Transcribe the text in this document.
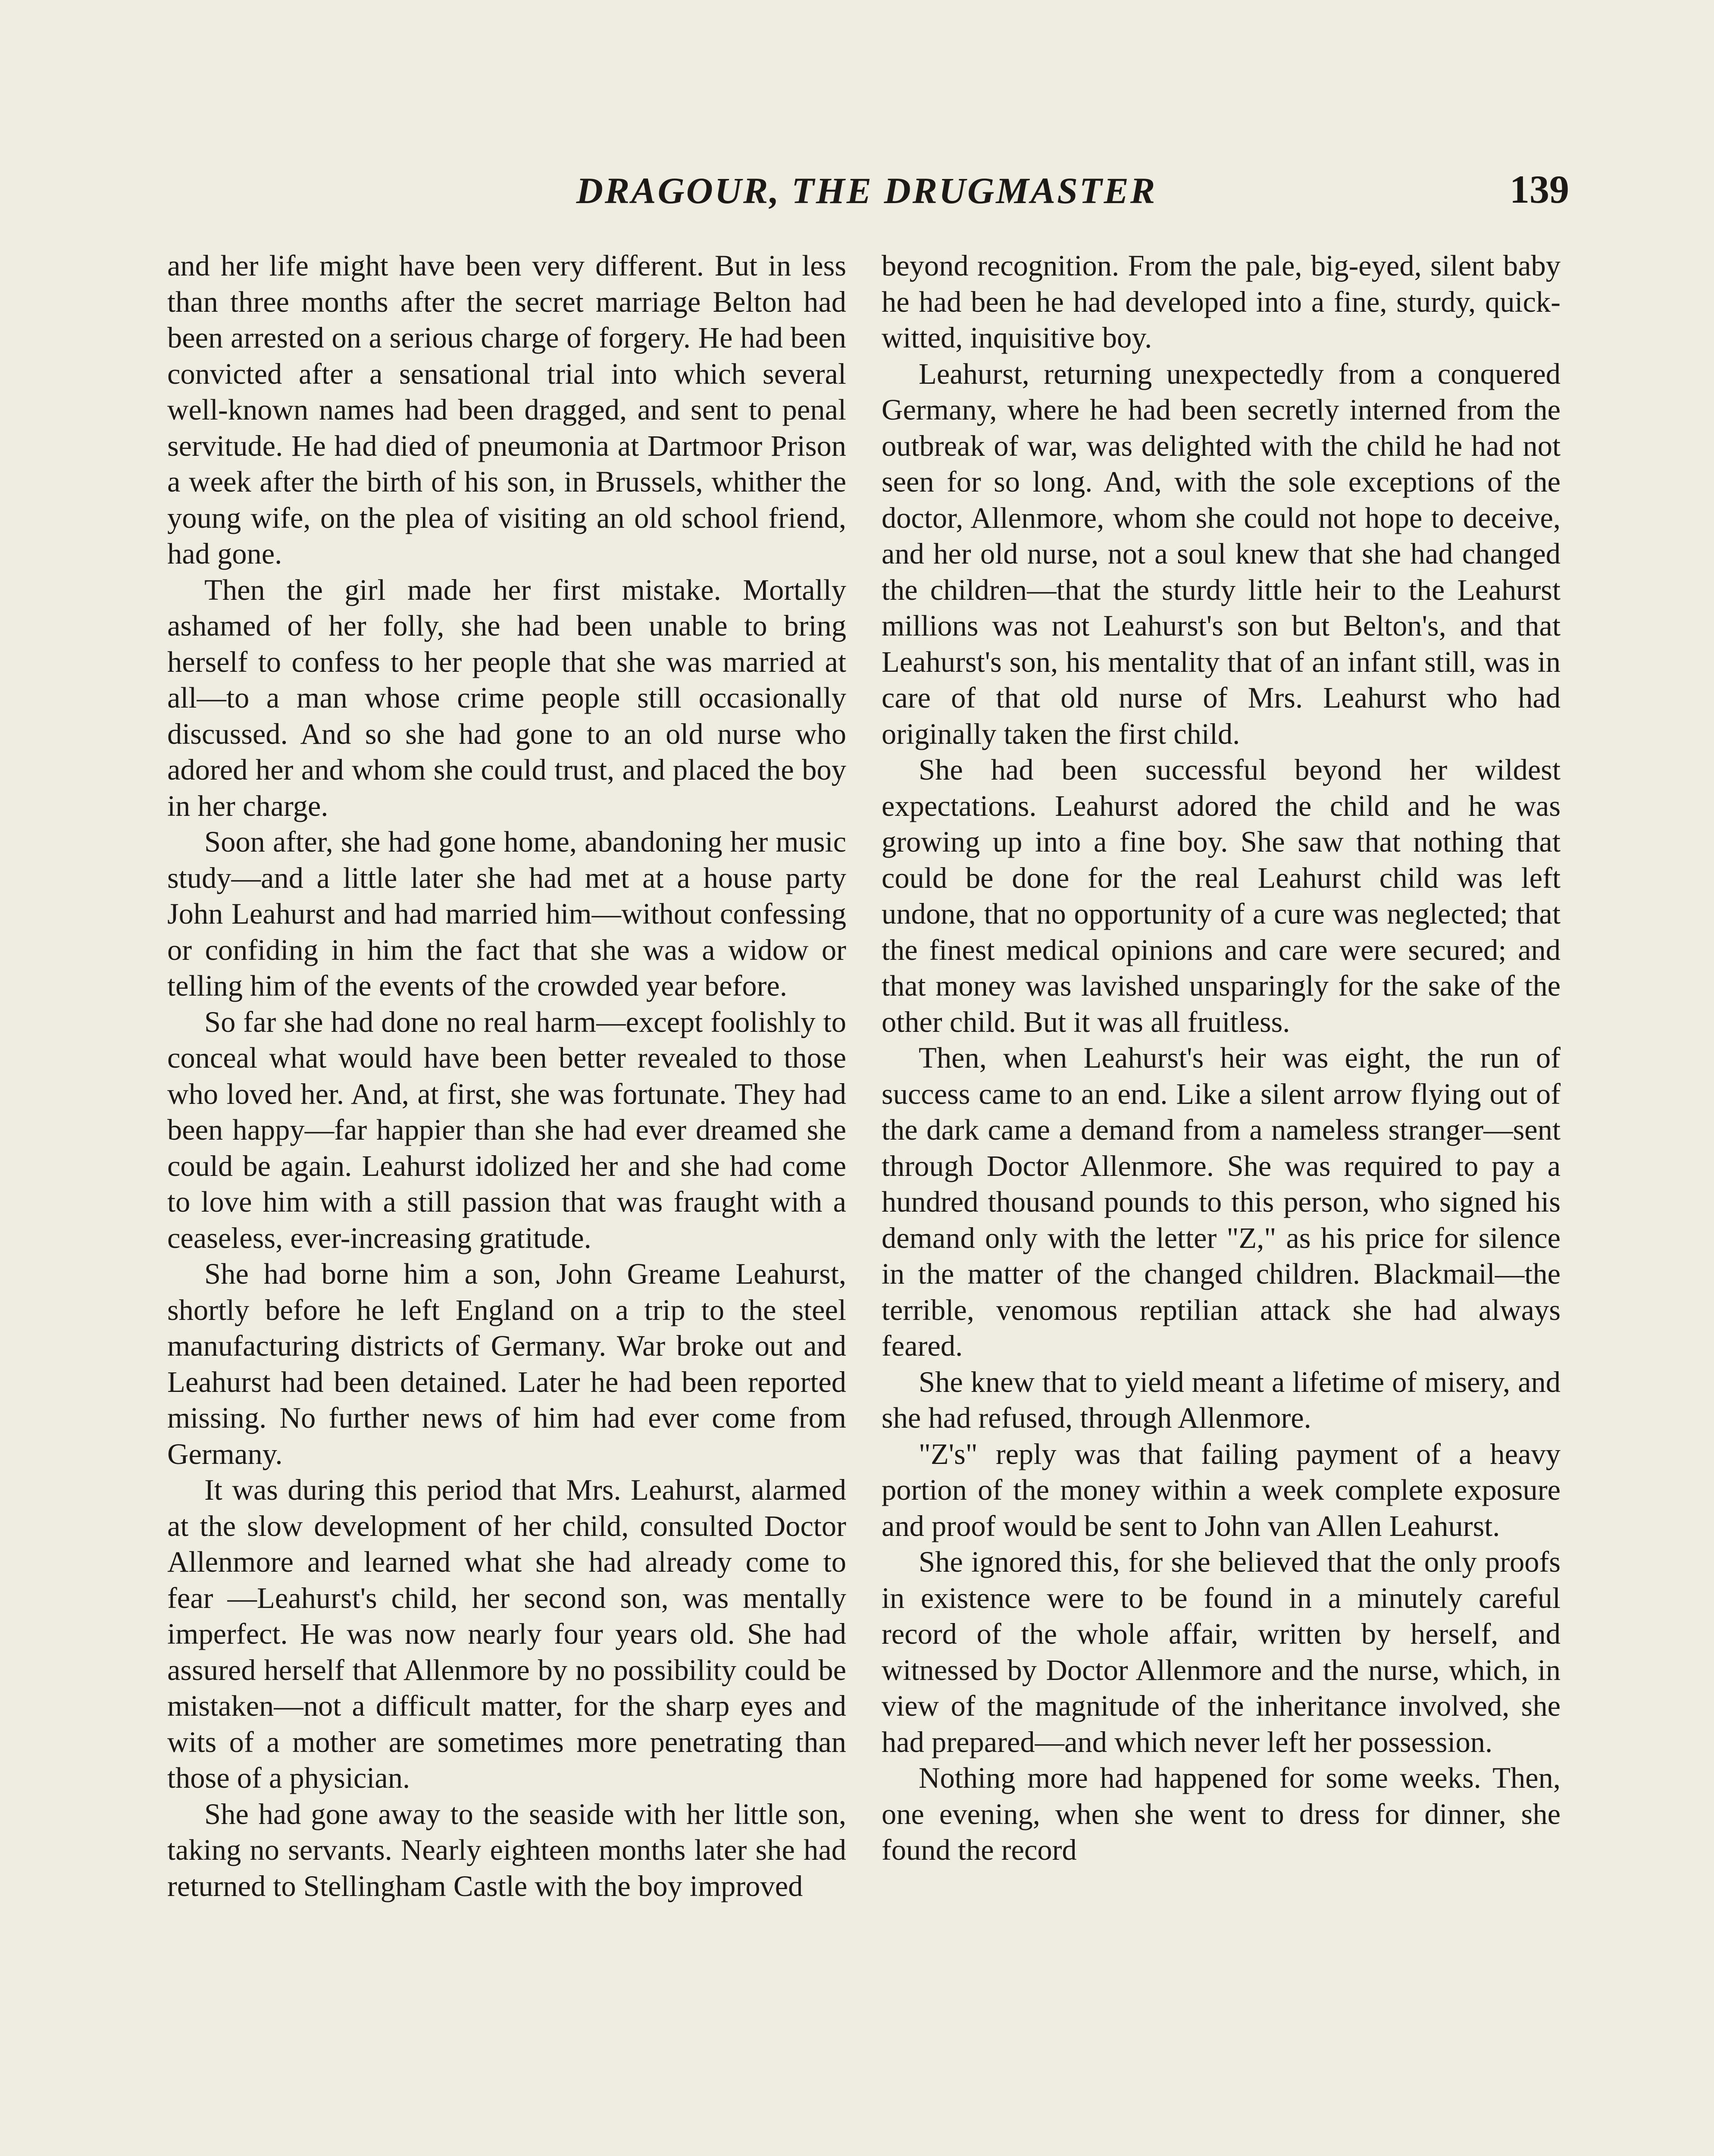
DRAGOUR, THE DRUGMASTER	139

and her life might have been very different. But in less than three months after the secret marriage Belton had been arrested on a serious charge of forgery. He had been convicted after a sensational trial into which several well-known names had been dragged, and sent to penal servitude. He had died of pneumonia at Dartmoor Prison a week after the birth of his son, in Brussels, whither the young wife, on the plea of visiting an old school friend, had gone.

Then the girl made her first mistake. Mortally ashamed of her folly, she had been unable to bring herself to confess to her people that she was married at all—to a man whose crime people still occasionally discussed. And so she had gone to an old nurse who adored her and whom she could trust, and placed the boy in her charge.

Soon after, she had gone home, abandoning her music study—and a little later she had met at a house party John Leahurst and had married him—without confessing or confiding in him the fact that she was a widow or telling him of the events of the crowded year before.

So far she had done no real harm—except foolishly to conceal what would have been better revealed to those who loved her. And, at first, she was fortunate. They had been happy—far happier than she had ever dreamed she could be again. Leahurst idolized her and she had come to love him with a still passion that was fraught with a ceaseless, ever-increasing gratitude.

She had borne him a son, John Greame Leahurst, shortly before he left England on a trip to the steel manufacturing districts of Germany. War broke out and Leahurst had been detained. Later he had been reported missing. No further news of him had ever come from Germany.

It was during this period that Mrs. Leahurst, alarmed at the slow development of her child, consulted Doctor Allenmore and learned what she had already come to fear —Leahurst's child, her second son, was mentally imperfect. He was now nearly four years old. She had assured herself that Allenmore by no possibility could be mistaken—not a difficult matter, for the sharp eyes and wits of a mother are sometimes more penetrating than those of a physician.

She had gone away to the seaside with her little son, taking no servants. Nearly eighteen months later she had returned to Stellingham Castle with the boy improved

beyond recognition. From the pale, big-eyed, silent baby he had been he had developed into a fine, sturdy, quick-witted, inquisitive boy.

Leahurst, returning unexpectedly from a conquered Germany, where he had been secretly interned from the outbreak of war, was delighted with the child he had not seen for so long. And, with the sole exceptions of the doctor, Allenmore, whom she could not hope to deceive, and her old nurse, not a soul knew that she had changed the children—that the sturdy little heir to the Leahurst millions was not Leahurst's son but Belton's, and that Leahurst's son, his mentality that of an infant still, was in care of that old nurse of Mrs. Leahurst who had originally taken the first child.

She had been successful beyond her wildest expectations. Leahurst adored the child and he was growing up into a fine boy. She saw that nothing that could be done for the real Leahurst child was left undone, that no opportunity of a cure was neglected; that the finest medical opinions and care were secured; and that money was lavished unsparingly for the sake of the other child. But it was all fruitless.

Then, when Leahurst's heir was eight, the run of success came to an end. Like a silent arrow flying out of the dark came a demand from a nameless stranger—sent through Doctor Allenmore. She was required to pay a hundred thousand pounds to this person, who signed his demand only with the letter "Z," as his price for silence in the matter of the changed children. Blackmail—the terrible, venomous reptilian attack she had always feared.

She knew that to yield meant a lifetime of misery, and she had refused, through Allenmore.

"Z's" reply was that failing payment of a heavy portion of the money within a week complete exposure and proof would be sent to John van Allen Leahurst.

She ignored this, for she believed that the only proofs in existence were to be found in a minutely careful record of the whole affair, written by herself, and witnessed by Doctor Allenmore and the nurse, which, in view of the magnitude of the inheritance involved, she had prepared—and which never left her possession.

Nothing more had happened for some weeks. Then, one evening, when she went to dress for dinner, she found the record
